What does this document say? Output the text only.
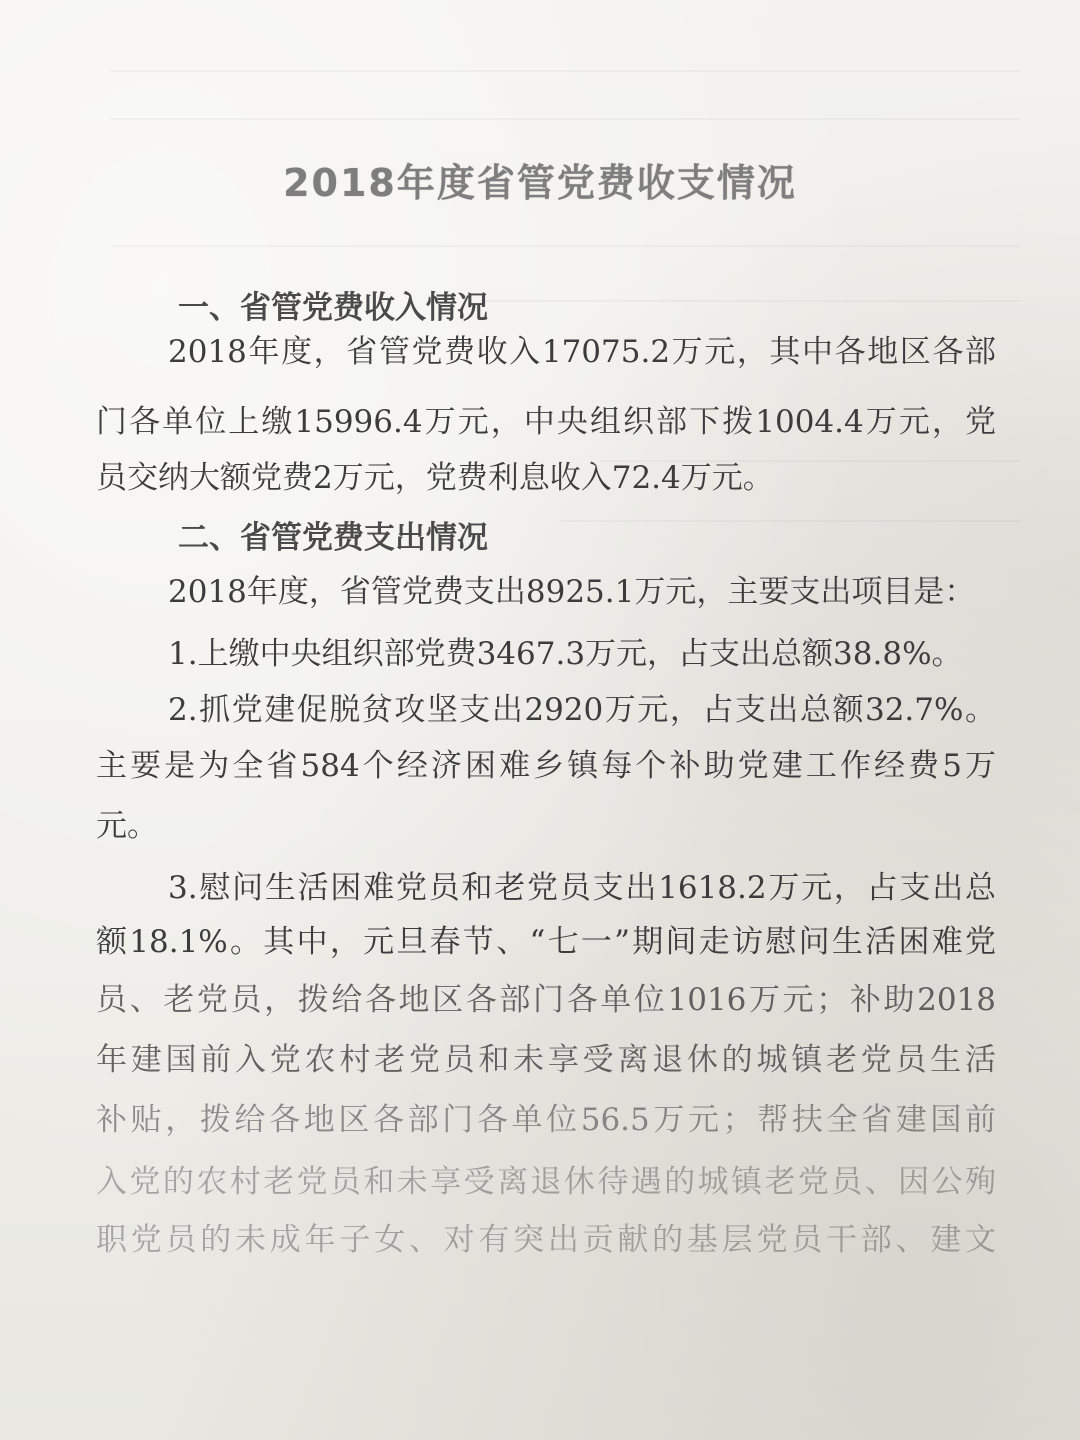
2018年度省管党费收支情况
一、省管党费收入情况
2018年度，省管党费收入17075.2万元，其中各地区各部
门各单位上缴15996.4万元，中央组织部下拨1004.4万元，党
员交纳大额党费2万元，党费利息收入72.4万元。
二、省管党费支出情况
2018年度，省管党费支出8925.1万元，主要支出项目是：
1.上缴中央组织部党费3467.3万元，占支出总额38.8%。
2.抓党建促脱贫攻坚支出2920万元，占支出总额32.7%。
主要是为全省584个经济困难乡镇每个补助党建工作经费5万
元。
3.慰问生活困难党员和老党员支出1618.2万元，占支出总
额18.1%。其中，元旦春节、“七一”期间走访慰问生活困难党
员、老党员，拨给各地区各部门各单位1016万元；补助2018
年建国前入党农村老党员和未享受离退休的城镇老党员生活
补贴，拨给各地区各部门各单位56.5万元；帮扶全省建国前
入党的农村老党员和未享受离退休待遇的城镇老党员、因公殉
职党员的未成年子女、对有突出贡献的基层党员干部、建文
